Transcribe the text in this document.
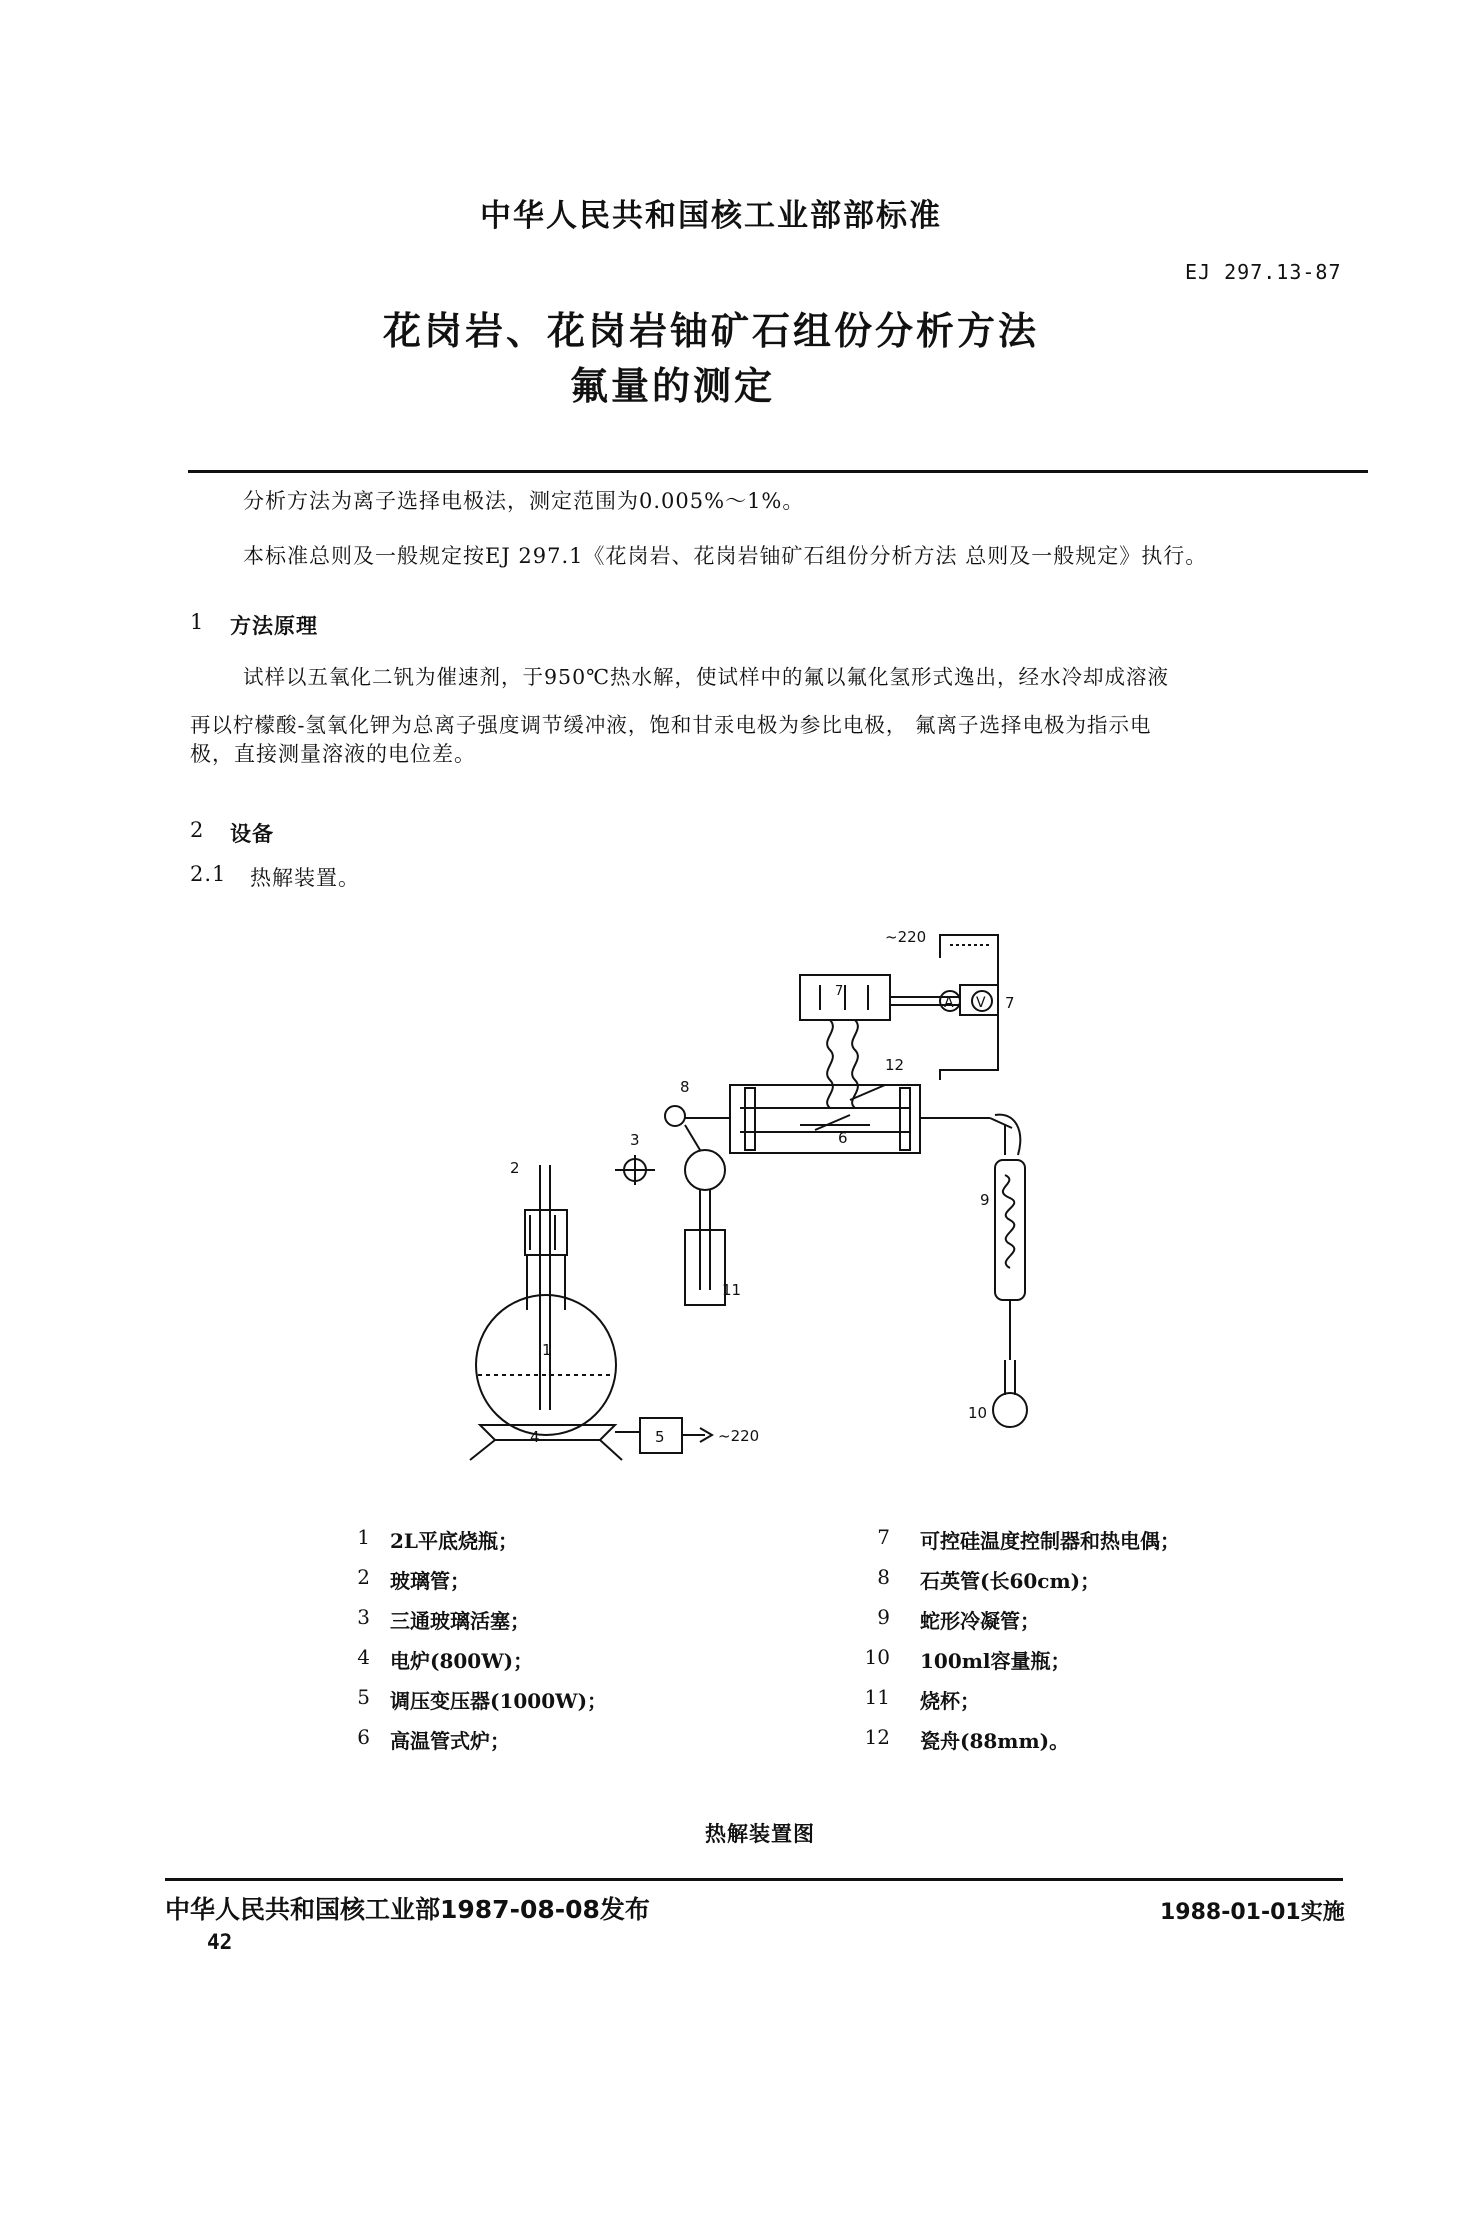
中华人民共和国核工业部部标准
EJ 297.13-87
花岗岩、花岗岩铀矿石组份分析方法
氟量的测定
分析方法为离子选择电极法，测定范围为0.005%～1%。
本标准总则及一般规定按EJ 297.1《花岗岩、花岗岩铀矿石组份分析方法 总则及一般规定》执行。
1 方法原理
试样以五氧化二钒为催速剂，于950℃热水解，使试样中的氟以氟化氢形式逸出，经水冷却成溶液
再以柠檬酸-氢氧化钾为总离子强度调节缓冲液，饱和甘汞电极为参比电极， 氟离子选择电极为指示电
极，直接测量溶液的电位差。
2 设备
2.1 热解装置。
~220
A V 7
7
12
8
6
3
2
9
11
1
10
4	5	~220
1 2L平底烧瓶；
2 玻璃管；
3 三通玻璃活塞；
4 电炉(800W)；
5 调压变压器(1000W)；
6 高温管式炉；
7 可控硅温度控制器和热电偶；
8 石英管(长60cm)；
9 蛇形冷凝管；
10 100ml容量瓶；
11 烧杯；
12 瓷舟(88mm)。
热解装置图
中华人民共和国核工业部1987-08-08发布	1988-01-01实施
42
